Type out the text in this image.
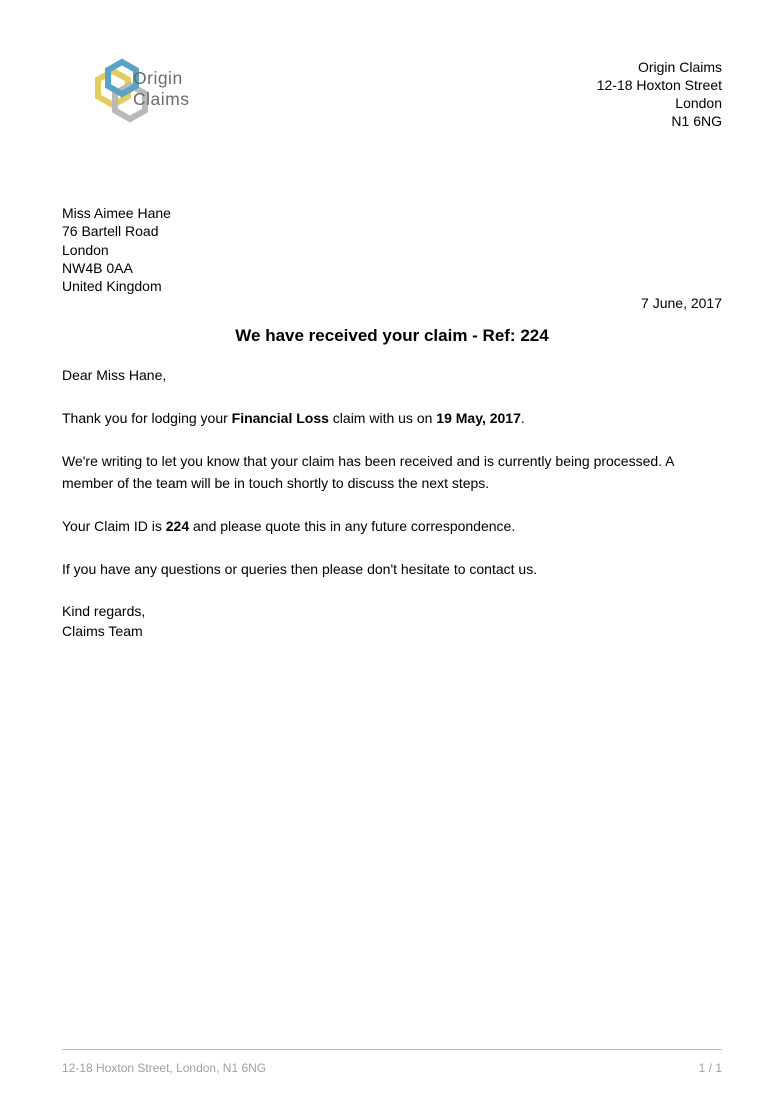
Origin
Claims
Origin Claims
12-18 Hoxton Street
London
N1 6NG
Miss Aimee Hane
76 Bartell Road
London
NW4B 0AA
United Kingdom
7 June, 2017
We have received your claim - Ref: 224

Dear Miss Hane,

Thank you for lodging your Financial Loss claim with us on 19 May, 2017.

We're writing to let you know that your claim has been received and is currently being processed. A member of the team will be in touch shortly to discuss the next steps.

Your Claim ID is 224 and please quote this in any future correspondence.

If you have any questions or queries then please don't hesitate to contact us.

Kind regards,
Claims Team
12-18 Hoxton Street, London, N1 6NG	1 / 1
